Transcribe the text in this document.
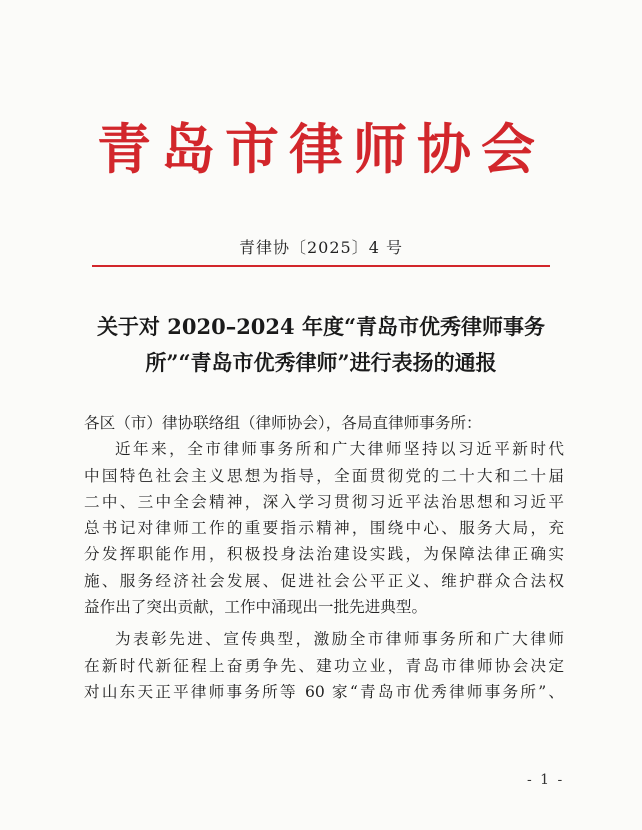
青岛市律师协会
青律协〔2025〕4 号
关于对 2020–2024 年度“青岛市优秀律师事务
所”“青岛市优秀律师”进行表扬的通报
各区（市）律协联络组（律师协会），各局直律师事务所：
近年来，全市律师事务所和广大律师坚持以习近平新时代
中国特色社会主义思想为指导，全面贯彻党的二十大和二十届
二中、三中全会精神，深入学习贯彻习近平法治思想和习近平
总书记对律师工作的重要指示精神，围绕中心、服务大局，充
分发挥职能作用，积极投身法治建设实践，为保障法律正确实
施、服务经济社会发展、促进社会公平正义、维护群众合法权
益作出了突出贡献，工作中涌现出一批先进典型。
为表彰先进、宣传典型，激励全市律师事务所和广大律师
在新时代新征程上奋勇争先、建功立业，青岛市律师协会决定
对山东天正平律师事务所等 60 家“青岛市优秀律师事务所”、
- 1 -
